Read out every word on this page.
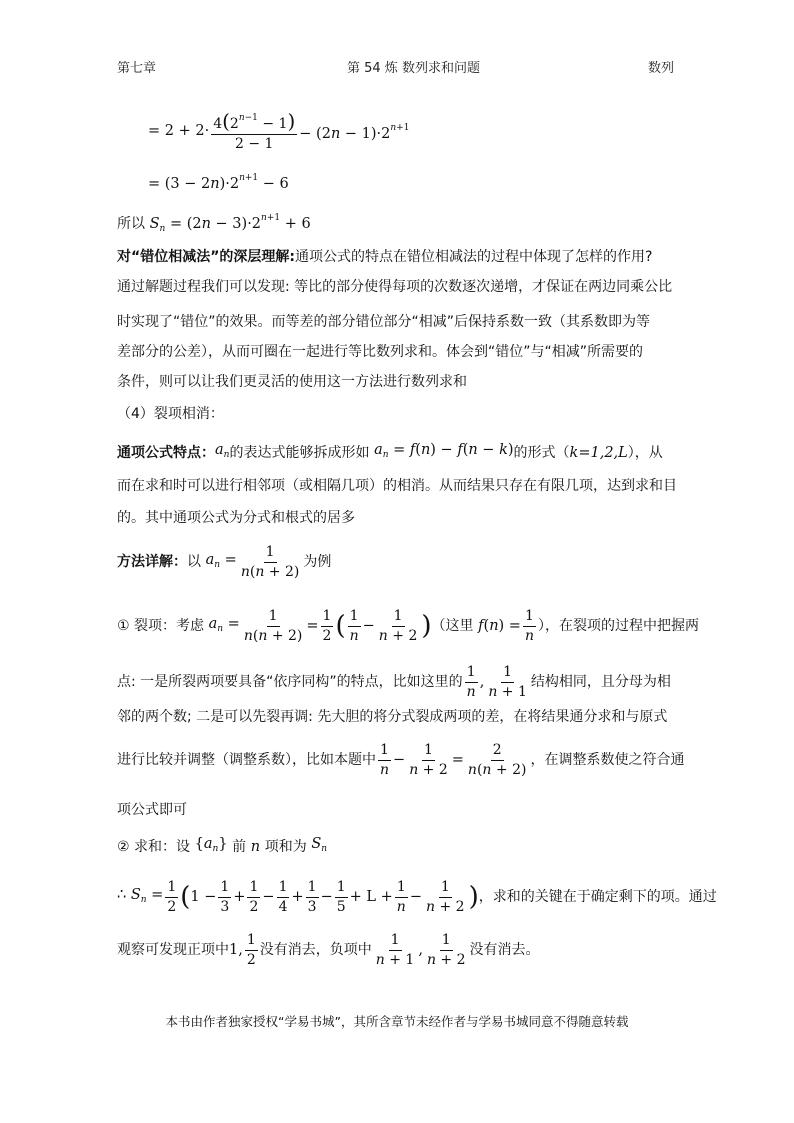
第七章	第 54 炼 数列求和问题	数列
= $2 + 2\cdot \frac{4(2^{n-1} - 1)}{2 - 1} - (2n - 1)\cdot 2^{n+1}$
= $(3 - 2n)\cdot 2^{n+1} - 6$
所以 $S_n = (2n - 3)\cdot 2^{n+1} + 6$
对“错位相减法”的深层理解: 通项公式的特点在错位相减法的过程中体现了怎样的作用?
通过解题过程我们可以发现: 等比的部分使得每项的次数逐次递增，才保证在两边同乘公比
时实现了“错位”的效果。而等差的部分错位部分“相减”后保持系数一致（其系数即为等
差部分的公差），从而可圈在一起进行等比数列求和。体会到“错位”与“相减”所需要的
条件，则可以让我们更灵活的使用这一方法进行数列求和
（4）裂项相消：
通项公式特点： $a_n$ 的表达式能够拆成形如 $a_n = f(n) - f(n - k)$ 的形式（ k=1,2,L ），从
而在求和时可以进行相邻项（或相隔几项）的相消。从而结果只存在有限几项，达到求和目
的。其中通项公式为分式和根式的居多
方法详解： 以 $a_n = \frac{1}{n(n + 2)}$ 为例
① 裂项：考虑 $a_n = \frac{1}{n(n + 2)} = \frac{1}{2}$ ( $\frac{1}{n} - \frac{1}{n + 2}$ ) （这里 $f(n) = \frac{1}{n}$ ），在裂项的过程中把握两
点: 一是所裂两项要具备“依序同构”的特点，比如这里的 $\frac{1}{n}$ , $\frac{1}{n + 1}$ 结构相同，且分母为相
邻的两个数; 二是可以先裂再调: 先大胆的将分式裂成两项的差，在将结果通分求和与原式
进行比较并调整（调整系数），比如本题中 $\frac{1}{n} - \frac{1}{n + 2} = \frac{2}{n(n + 2)}$ ，在调整系数使之符合通
项公式即可
② 求和：设 $\{a_n\}$ 前 n 项和为 $S_n$
∴ $S_n = \frac{1}{2}$ ( $1 - \frac{1}{3} + \frac{1}{2} - \frac{1}{4} + \frac{1}{3} - \frac{1}{5} + L + \frac{1}{n} - \frac{1}{n + 2}$ ) ，求和的关键在于确定剩下的项。通过
观察可发现正项中 1, $\frac{1}{2}$ 没有消去，负项中 $\frac{1}{n + 1}$ , $\frac{1}{n + 2}$ 没有消去。
本书由作者独家授权“学易书城”，其所含章节未经作者与学易书城同意不得随意转载
